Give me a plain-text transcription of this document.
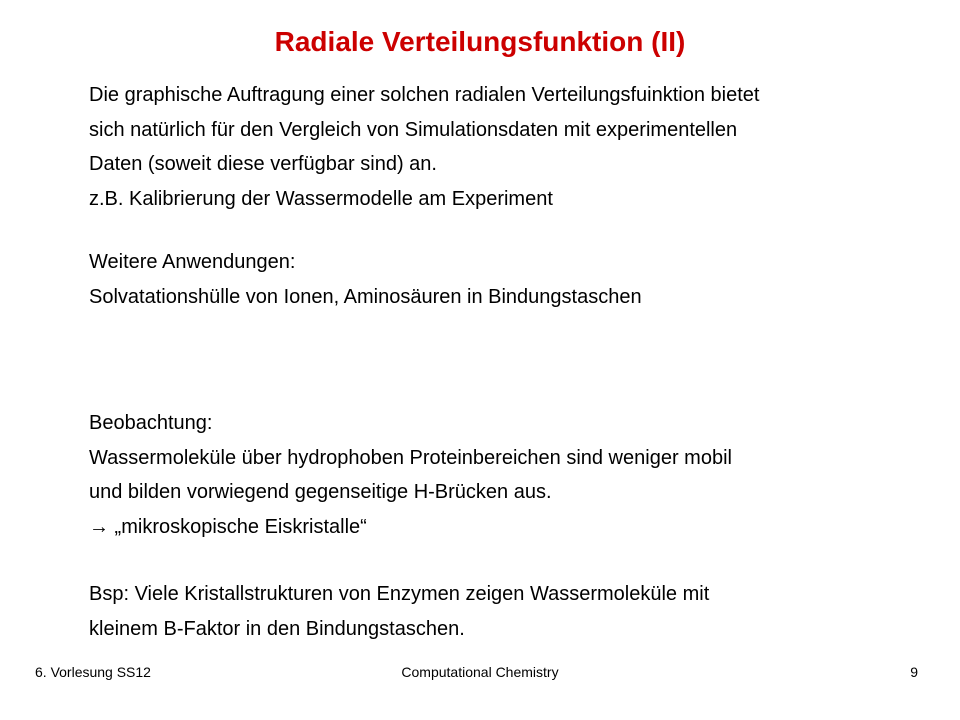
Radiale Verteilungsfunktion (II)
Die graphische Auftragung einer solchen radialen Verteilungsfuinktion bietet
sich natürlich für den Vergleich von Simulationsdaten mit experimentellen
Daten (soweit diese verfügbar sind) an.
z.B. Kalibrierung der Wassermodelle am Experiment
Weitere Anwendungen:
Solvatationshülle von Ionen, Aminosäuren in Bindungstaschen
Beobachtung:
Wassermoleküle über hydrophoben Proteinbereichen sind weniger mobil
und bilden vorwiegend gegenseitige H-Brücken aus.
→ „mikroskopische Eiskristalle“
Bsp: Viele Kristallstrukturen von Enzymen zeigen Wassermoleküle mit
kleinem B-Faktor in den Bindungstaschen.
6. Vorlesung SS12	Computational Chemistry	9
